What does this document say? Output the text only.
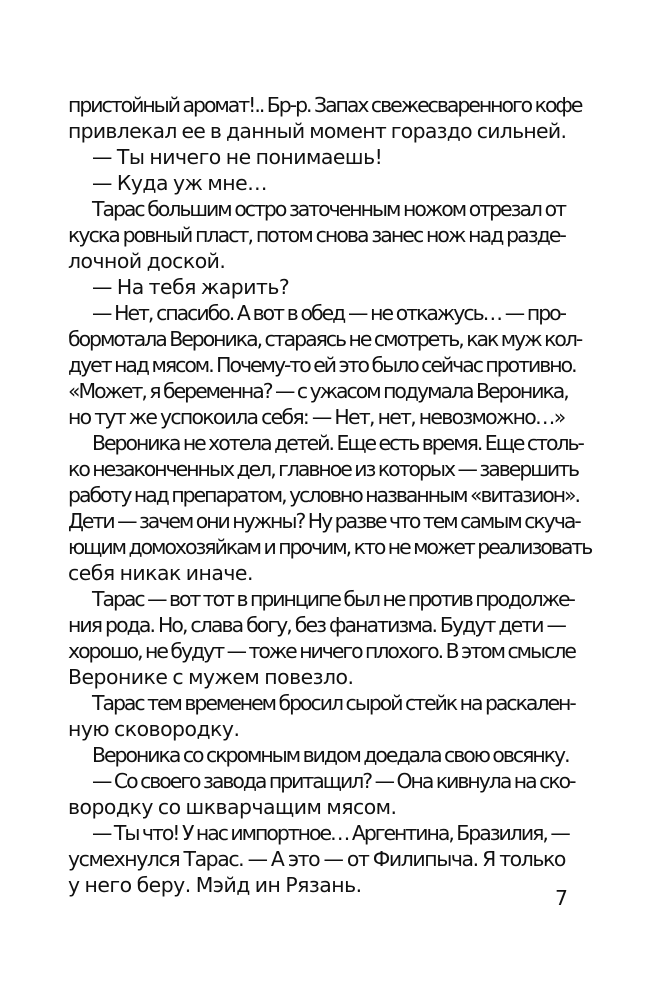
пристойный аромат!.. Бр-р. Запах свежесваренного кофе
привлекал ее в данный момент гораздо сильней.
— Ты ничего не понимаешь!
— Куда уж мне…
Тарас большим остро заточенным ножом отрезал от
куска ровный пласт, потом снова занес нож над разде-
лочной доской.
— На тебя жарить?
— Нет, спасибо. А вот в обед — не откажусь… — про-
бормотала Вероника, стараясь не смотреть, как муж кол-
дует над мясом. Почему-то ей это было сейчас противно.
«Может, я беременна? — с ужасом подумала Вероника,
но тут же успокоила себя: — Нет, нет, невозможно…»
Вероника не хотела детей. Еще есть время. Еще столь-
ко незаконченных дел, главное из которых — завершить
работу над препаратом, условно названным «витазион».
Дети — зачем они нужны? Ну разве что тем самым скуча-
ющим домохозяйкам и прочим, кто не может реализовать
себя никак иначе.
Тарас — вот тот в принципе был не против продолже-
ния рода. Но, слава богу, без фанатизма. Будут дети —
хорошо, не будут — тоже ничего плохого. В этом смысле
Веронике с мужем повезло.
Тарас тем временем бросил сырой стейк на раскален-
ную сковородку.
Вероника со скромным видом доедала свою овсянку.
— Со своего завода притащил? — Она кивнула на ско-
вородку со шкварчащим мясом.
— Ты что! У нас импортное… Аргентина, Бразилия, —
усмехнулся Тарас. — А это — от Филипыча. Я только
у него беру. Мэйд ин Рязань.
7
